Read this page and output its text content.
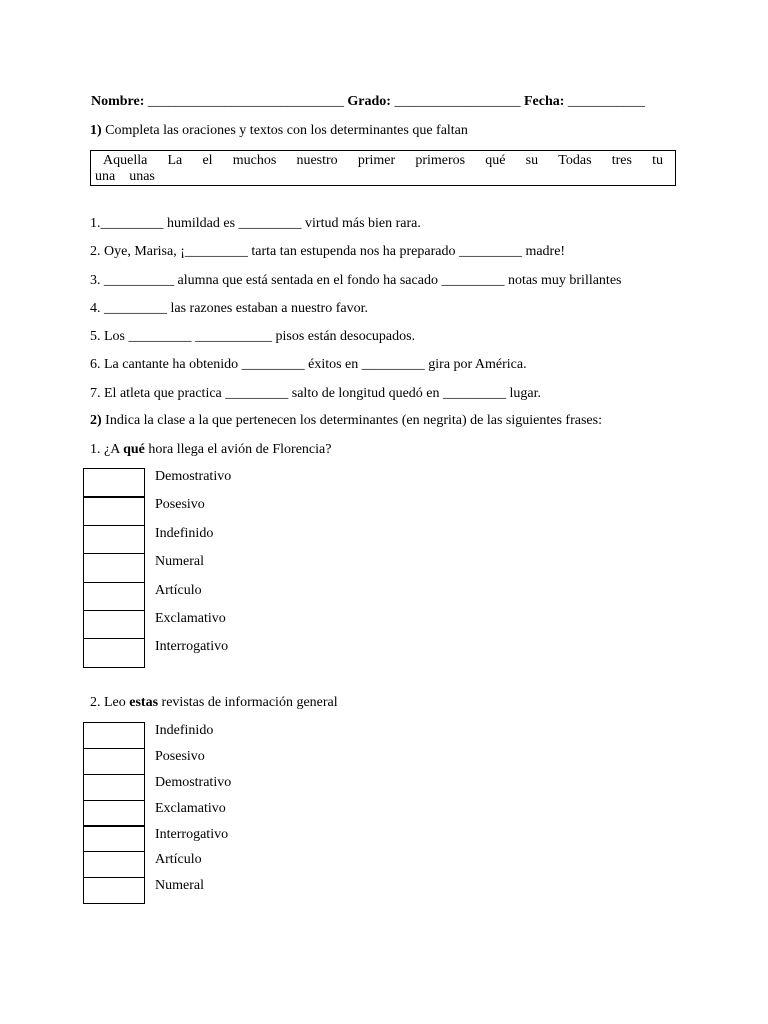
Nombre: ____________________________ Grado: __________________ Fecha: ___________
1) Completa las oraciones y textos con los determinantes que faltan
Aquella La el muchos nuestro primer primeros qué su Todas tres tu
una unas
1._________ humildad es _________ virtud más bien rara.
2. Oye, Marisa, ¡_________ tarta tan estupenda nos ha preparado _________ madre!
3. __________ alumna que está sentada en el fondo ha sacado _________ notas muy brillantes
4. _________ las razones estaban a nuestro favor.
5. Los _________ ___________ pisos están desocupados.
6. La cantante ha obtenido _________ éxitos en _________ gira por América.
7. El atleta que practica _________ salto de longitud quedó en _________ lugar.
2) Indica la clase a la que pertenecen los determinantes (en negrita) de las siguientes frases:
1. ¿A qué hora llega el avión de Florencia?
Demostrativo
Posesivo
Indefinido
Numeral
Artículo
Exclamativo
Interrogativo
2. Leo estas revistas de información general
Indefinido
Posesivo
Demostrativo
Exclamativo
Interrogativo
Artículo
Numeral
